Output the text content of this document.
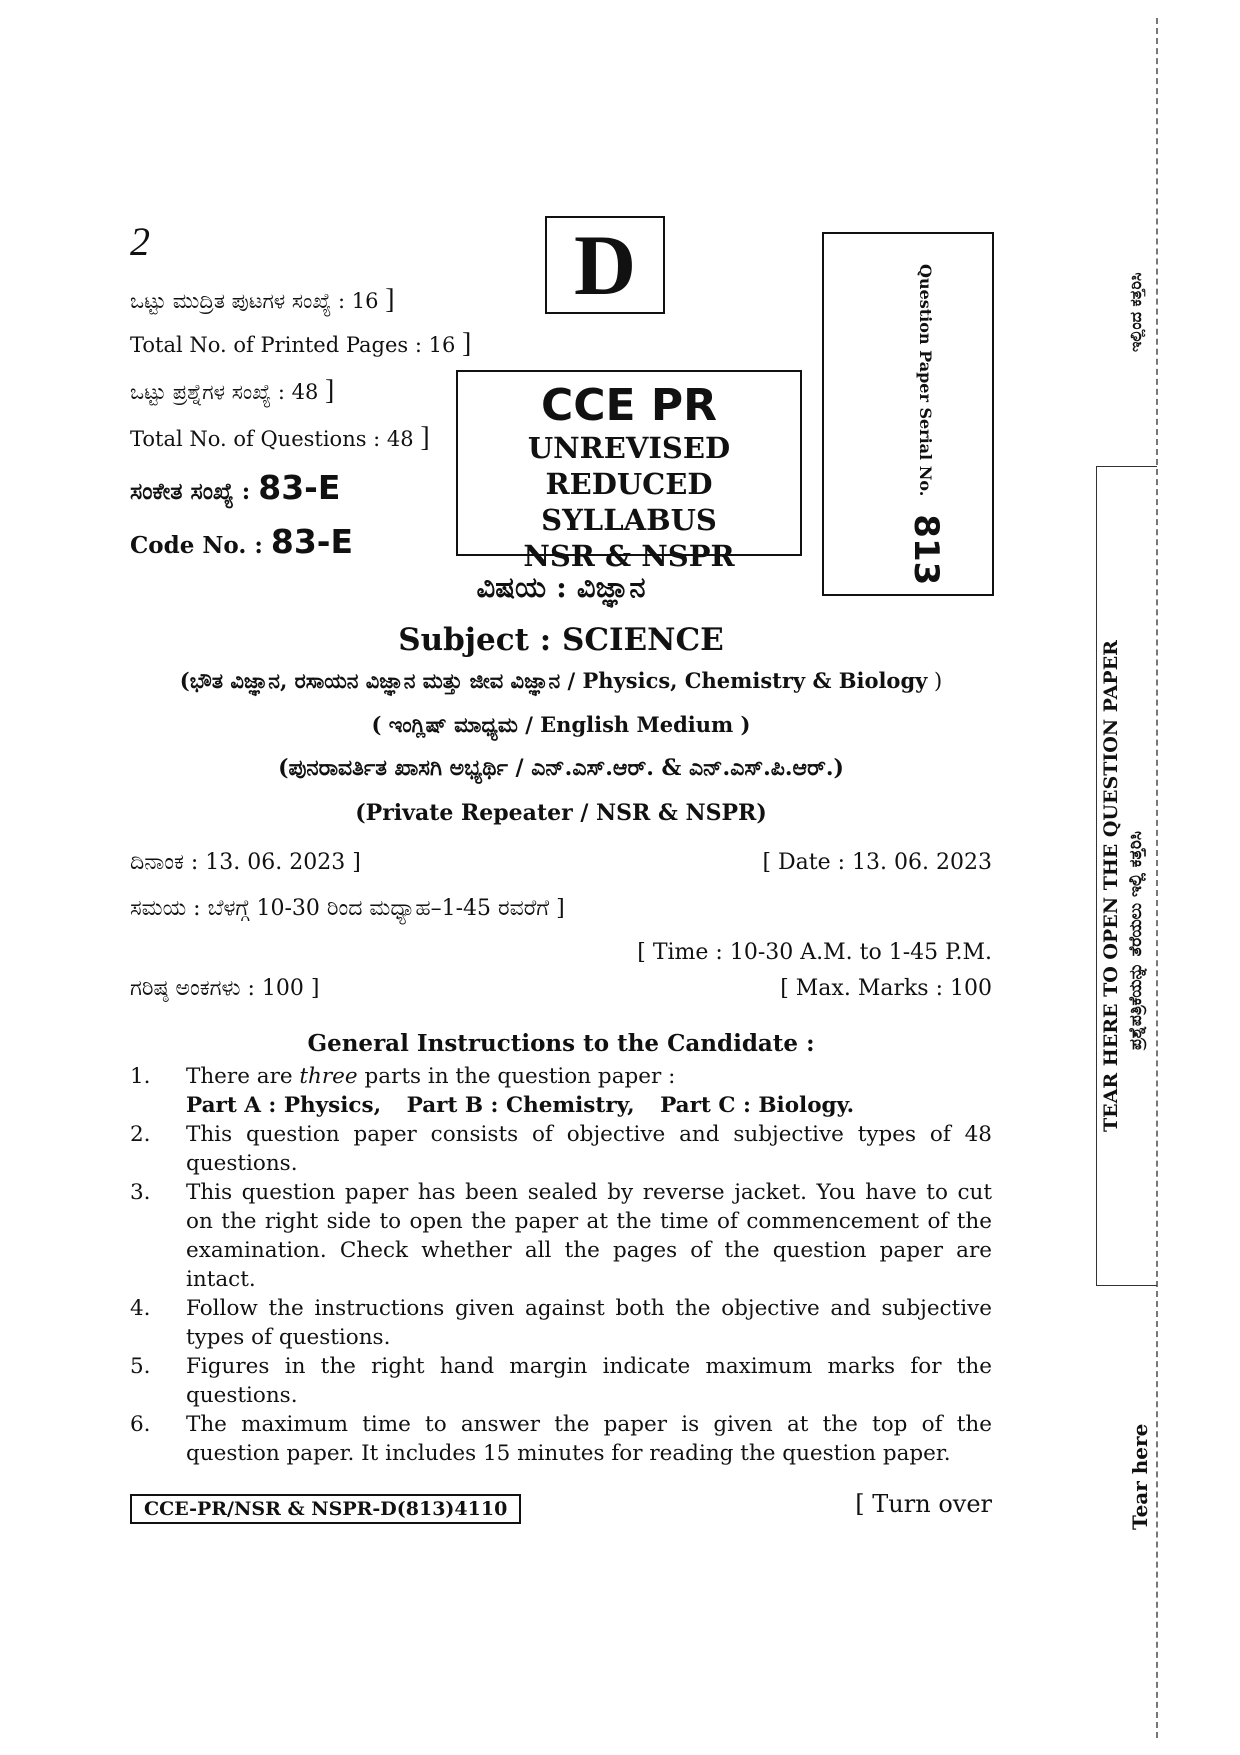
2
ಒಟ್ಟು ಮುದ್ರಿತ ಪುಟಗಳ ಸಂಖ್ಯೆ : 16 ]
Total No. of Printed Pages : 16 ]
ಒಟ್ಟು ಪ್ರಶ್ನೆಗಳ ಸಂಖ್ಯೆ : 48 ]
Total No. of Questions : 48 ]
ಸಂಕೇತ ಸಂಖ್ಯೆ : 83-E
Code No. : 83-E
D
CCE PR
UNREVISED
REDUCED SYLLABUS
NSR & NSPR
Question Paper Serial No.
813
ವಿಷಯ : ವಿಜ್ಞಾನ
Subject : SCIENCE
(ಭೌತ ವಿಜ್ಞಾನ, ರಸಾಯನ ವಿಜ್ಞಾನ ಮತ್ತು ಜೀವ ವಿಜ್ಞಾನ / Physics, Chemistry & Biology )
( ಇಂಗ್ಲಿಷ್ ಮಾಧ್ಯಮ / English Medium )
(ಪುನರಾವರ್ತಿತ ಖಾಸಗಿ ಅಭ್ಯರ್ಥಿ / ಎನ್.ಎಸ್.ಆರ್. & ಎನ್.ಎಸ್.ಪಿ.ಆರ್.)
(Private Repeater / NSR & NSPR)
ದಿನಾಂಕ : 13. 06. 2023 ]	[ Date : 13. 06. 2023
ಸಮಯ : ಬೆಳಗ್ಗೆ 10-30 ರಿಂದ ಮಧ್ಯಾಹ–1-45 ರವರೆಗೆ ]
[ Time : 10-30 A.M. to 1-45 P.M.
ಗರಿಷ್ಠ ಅಂಕಗಳು : 100 ]	[ Max. Marks : 100
General Instructions to the Candidate :
1.	There are three parts in the question paper :
Part A : Physics, Part B : Chemistry, Part C : Biology.
2.	This question paper consists of objective and subjective types of 48 questions.
3.	This question paper has been sealed by reverse jacket. You have to cut on the right side to open the paper at the time of commencement of the examination. Check whether all the pages of the question paper are intact.
4.	Follow the instructions given against both the objective and subjective types of questions.
5.	Figures in the right hand margin indicate maximum marks for the questions.
6.	The maximum time to answer the paper is given at the top of the question paper. It includes 15 minutes for reading the question paper.
CCE-PR/NSR & NSPR-D(813)4110	[ Turn over
ಇಲ್ಲಿಂದ ಕತ್ತರಿಸಿ
TEAR HERE TO OPEN THE QUESTION PAPER ಪ್ರಶ್ನೆಪತ್ರಿಕೆಯನ್ನು ತೆರೆಯಲು ಇಲ್ಲಿ ಕತ್ತರಿಸಿ
Tear here
